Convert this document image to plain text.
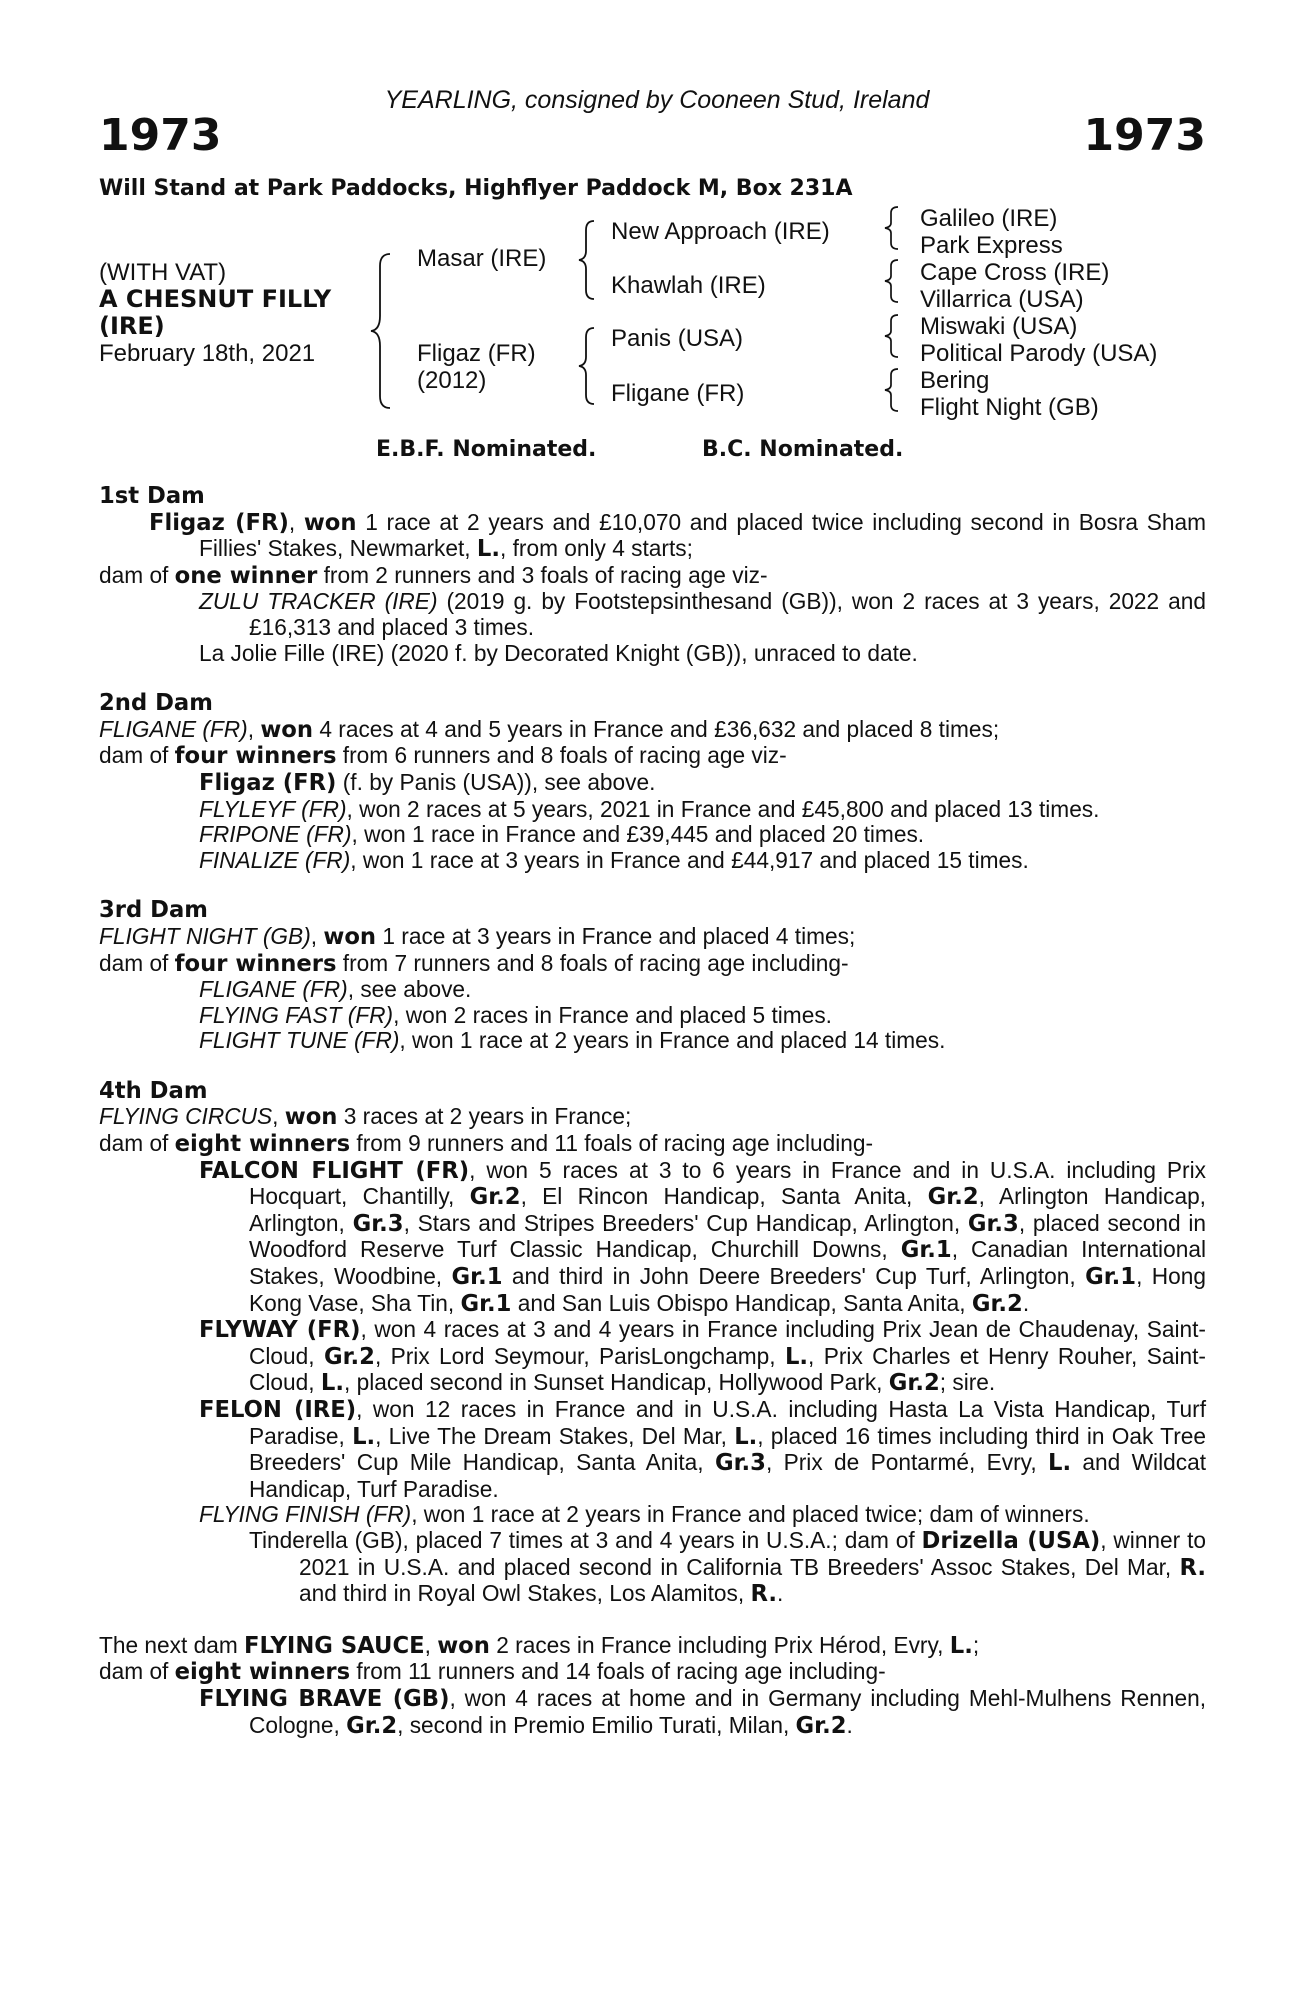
YEARLING, consigned by Cooneen Stud, Ireland
1973	1973
Will Stand at Park Paddocks, Highflyer Paddock M, Box 231A
(WITH VAT)
A CHESNUT FILLY
(IRE)
February 18th, 2021
Masar (IRE)
Fligaz (FR)
(2012)
New Approach (IRE)
Khawlah (IRE)
Panis (USA)
Fligane (FR)
Galileo (IRE)
Park Express
Cape Cross (IRE)
Villarrica (USA)
Miswaki (USA)
Political Parody (USA)
Bering
Flight Night (GB)
E.B.F. Nominated.	B.C. Nominated.

1st Dam

Fligaz (FR), won 1 race at 2 years and £10,070 and placed twice including second in Bosra Sham Fillies' Stakes, Newmarket, L., from only 4 starts;

dam of one winner from 2 runners and 3 foals of racing age viz-

ZULU TRACKER (IRE) (2019 g. by Footstepsinthesand (GB)), won 2 races at 3 years, 2022 and £16,313 and placed 3 times.

La Jolie Fille (IRE) (2020 f. by Decorated Knight (GB)), unraced to date.

2nd Dam

FLIGANE (FR), won 4 races at 4 and 5 years in France and £36,632 and placed 8 times;

dam of four winners from 6 runners and 8 foals of racing age viz-

Fligaz (FR) (f. by Panis (USA)), see above.

FLYLEYF (FR), won 2 races at 5 years, 2021 in France and £45,800 and placed 13 times.

FRIPONE (FR), won 1 race in France and £39,445 and placed 20 times.

FINALIZE (FR), won 1 race at 3 years in France and £44,917 and placed 15 times.

3rd Dam

FLIGHT NIGHT (GB), won 1 race at 3 years in France and placed 4 times;

dam of four winners from 7 runners and 8 foals of racing age including-

FLIGANE (FR), see above.

FLYING FAST (FR), won 2 races in France and placed 5 times.

FLIGHT TUNE (FR), won 1 race at 2 years in France and placed 14 times.

4th Dam

FLYING CIRCUS, won 3 races at 2 years in France;

dam of eight winners from 9 runners and 11 foals of racing age including-

FALCON FLIGHT (FR), won 5 races at 3 to 6 years in France and in U.S.A. including Prix Hocquart, Chantilly, Gr.2, El Rincon Handicap, Santa Anita, Gr.2, Arlington Handicap, Arlington, Gr.3, Stars and Stripes Breeders' Cup Handicap, Arlington, Gr.3, placed second in Woodford Reserve Turf Classic Handicap, Churchill Downs, Gr.1, Canadian International Stakes, Woodbine, Gr.1 and third in John Deere Breeders' Cup Turf, Arlington, Gr.1, Hong Kong Vase, Sha Tin, Gr.1 and San Luis Obispo Handicap, Santa Anita, Gr.2.

FLYWAY (FR), won 4 races at 3 and 4 years in France including Prix Jean de Chaudenay, Saint-Cloud, Gr.2, Prix Lord Seymour, ParisLongchamp, L., Prix Charles et Henry Rouher, Saint-Cloud, L., placed second in Sunset Handicap, Hollywood Park, Gr.2; sire.

FELON (IRE), won 12 races in France and in U.S.A. including Hasta La Vista Handicap, Turf Paradise, L., Live The Dream Stakes, Del Mar, L., placed 16 times including third in Oak Tree Breeders' Cup Mile Handicap, Santa Anita, Gr.3, Prix de Pontarmé, Evry, L. and Wildcat Handicap, Turf Paradise.

FLYING FINISH (FR), won 1 race at 2 years in France and placed twice; dam of winners.

Tinderella (GB), placed 7 times at 3 and 4 years in U.S.A.; dam of Drizella (USA), winner to 2021 in U.S.A. and placed second in California TB Breeders' Assoc Stakes, Del Mar, R. and third in Royal Owl Stakes, Los Alamitos, R..

The next dam FLYING SAUCE, won 2 races in France including Prix Hérod, Evry, L.;

dam of eight winners from 11 runners and 14 foals of racing age including-

FLYING BRAVE (GB), won 4 races at home and in Germany including Mehl-Mulhens Rennen, Cologne, Gr.2, second in Premio Emilio Turati, Milan, Gr.2.
